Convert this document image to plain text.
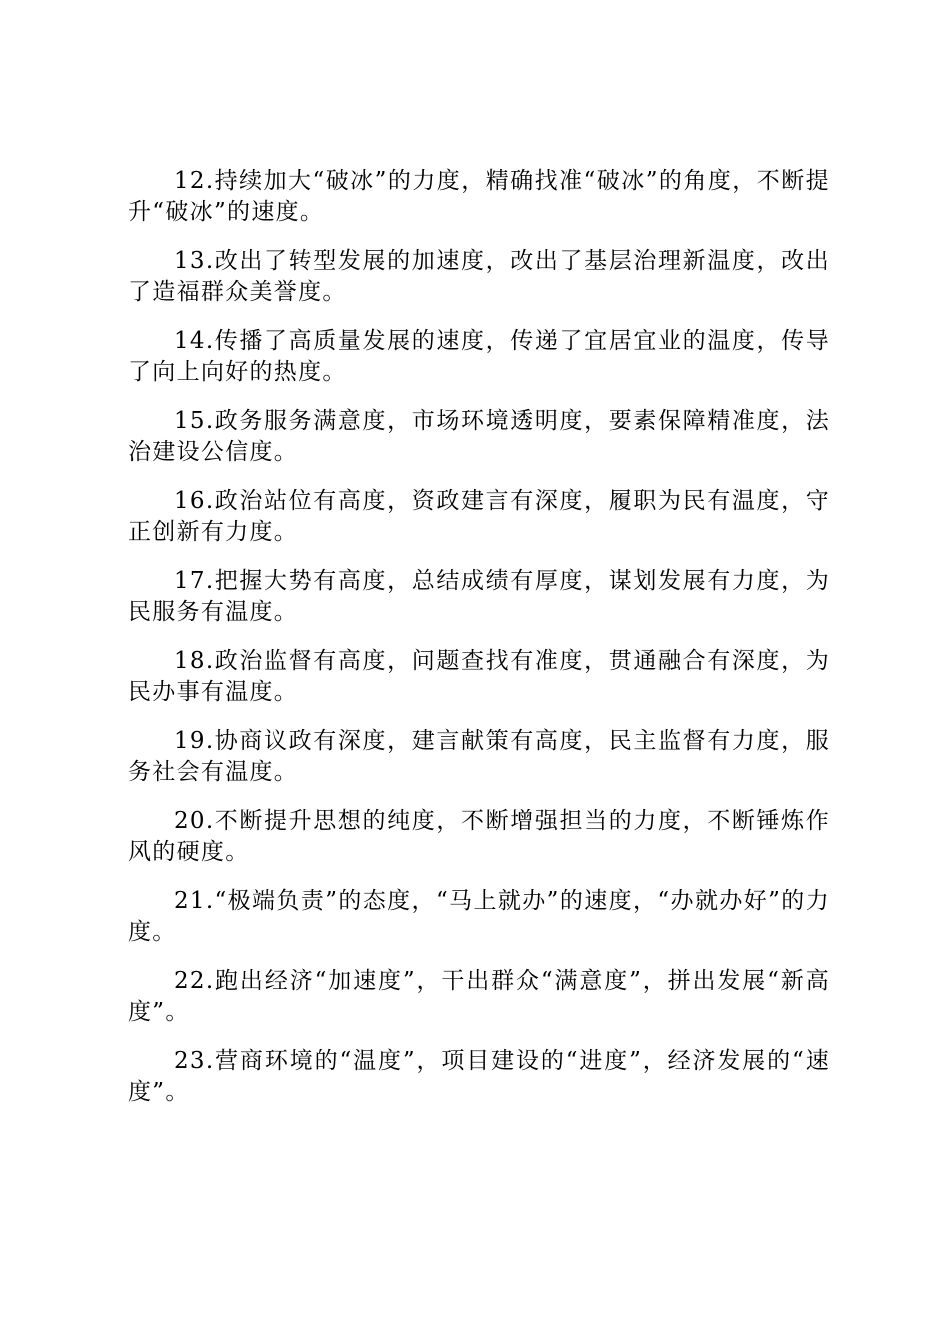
12.持续加大“破冰”的力度，精确找准“破冰”的角度，不断提升“破冰”的速度。

13.改出了转型发展的加速度，改出了基层治理新温度，改出了造福群众美誉度。

14.传播了高质量发展的速度，传递了宜居宜业的温度，传导了向上向好的热度。

15.政务服务满意度，市场环境透明度，要素保障精准度，法治建设公信度。

16.政治站位有高度，资政建言有深度，履职为民有温度，守正创新有力度。

17.把握大势有高度，总结成绩有厚度，谋划发展有力度，为民服务有温度。

18.政治监督有高度，问题查找有准度，贯通融合有深度，为民办事有温度。

19.协商议政有深度，建言献策有高度，民主监督有力度，服务社会有温度。

20.不断提升思想的纯度，不断增强担当的力度，不断锤炼作风的硬度。

21.“极端负责”的态度，“马上就办”的速度，“办就办好”的力度。

22.跑出经济“加速度”，干出群众“满意度”，拼出发展“新高度”。

23.营商环境的“温度”，项目建设的“进度”，经济发展的“速度”。
